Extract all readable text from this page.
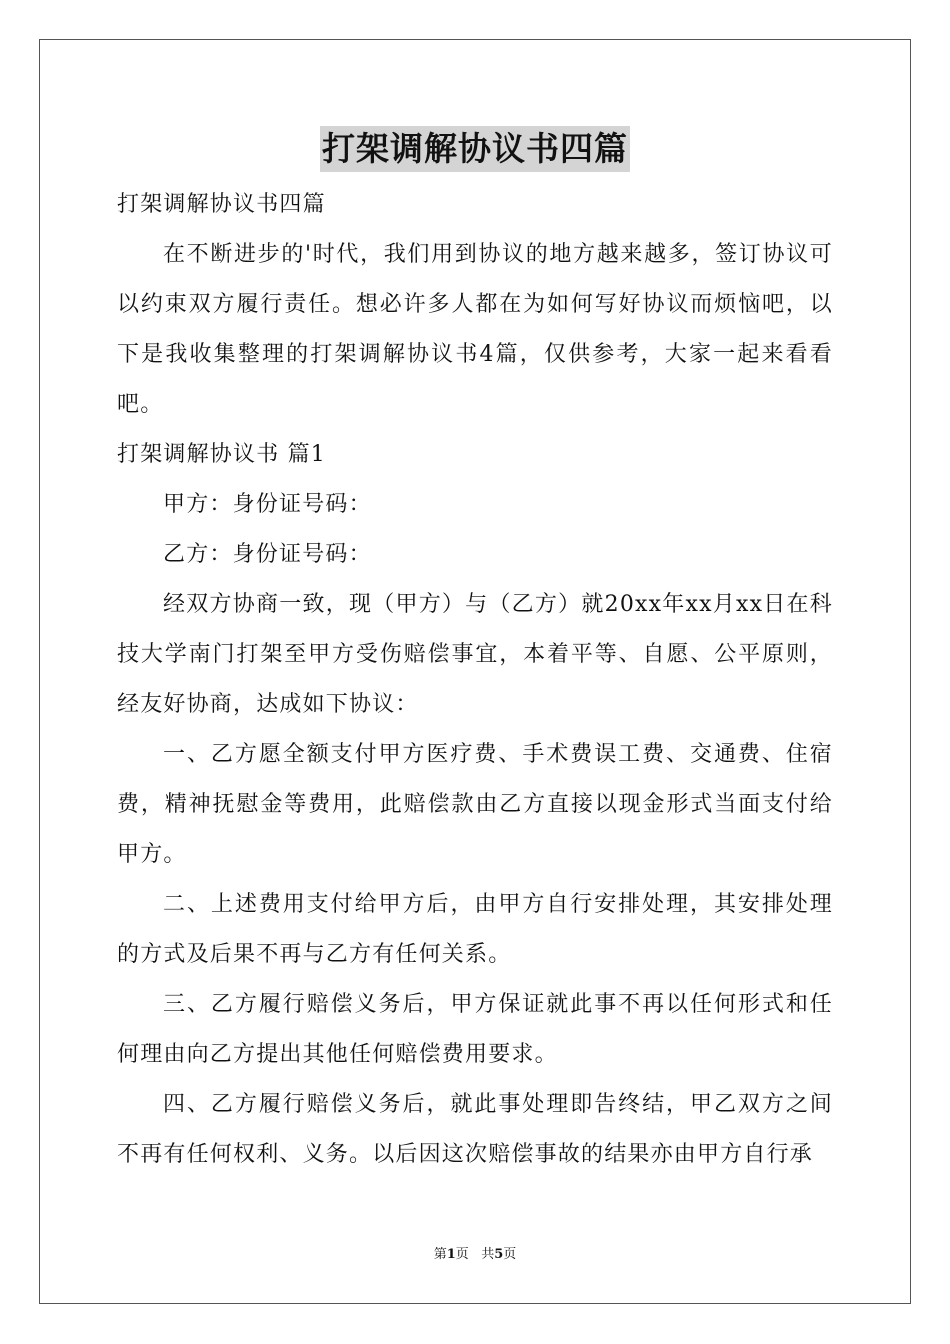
打架调解协议书四篇

打架调解协议书四篇

在不断进步的'时代，我们用到协议的地方越来越多，签订协议可以约束双方履行责任。想必许多人都在为如何写好协议而烦恼吧，以下是我收集整理的打架调解协议书4篇，仅供参考，大家一起来看看吧。

打架调解协议书 篇1

甲方：身份证号码：

乙方：身份证号码：

经双方协商一致，现（甲方）与（乙方）就20xx年xx月xx日在科技大学南门打架至甲方受伤赔偿事宜，本着平等、自愿、公平原则，经友好协商，达成如下协议：

一、乙方愿全额支付甲方医疗费、手术费误工费、交通费、住宿费，精神抚慰金等费用，此赔偿款由乙方直接以现金形式当面支付给甲方。

二、上述费用支付给甲方后，由甲方自行安排处理，其安排处理的方式及后果不再与乙方有任何关系。

三、乙方履行赔偿义务后，甲方保证就此事不再以任何形式和任何理由向乙方提出其他任何赔偿费用要求。

四、乙方履行赔偿义务后，就此事处理即告终结，甲乙双方之间不再有任何权利、义务。以后因这次赔偿事故的结果亦由甲方自行承

第1页 共5页
